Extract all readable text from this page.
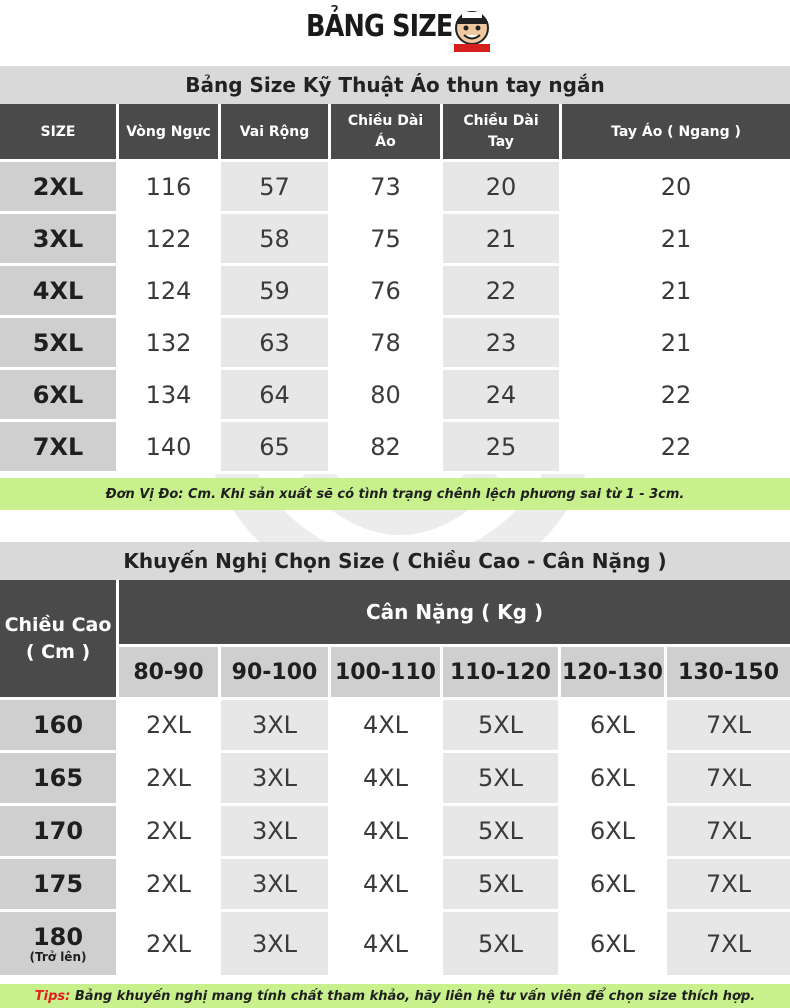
BẢNG SIZE
Bảng Size Kỹ Thuật Áo thun tay ngắn
SIZE	Vòng Ngực	Vai Rộng	Chiều Dài Áo	Chiều Dài Tay	Tay Áo ( Ngang )
2XL	116	57	73	20	20
3XL	122	58	75	21	21
4XL	124	59	76	22	21
5XL	132	63	78	23	21
6XL	134	64	80	24	22
7XL	140	65	82	25	22
Đơn Vị Đo: Cm. Khi sản xuất sẽ có tình trạng chênh lệch phương sai từ 1 - 3cm.
Khuyến Nghị Chọn Size ( Chiều Cao - Cân Nặng )
Chiều Cao ( Cm )	Cân Nặng ( Kg )					
	80-90	90-100	100-110	110-120	120-130	130-150

160	2XL	3XL	4XL	5XL	6XL	7XL

165	2XL	3XL	4XL	5XL	6XL	7XL

170	2XL	3XL	4XL	5XL	6XL	7XL

175	2XL	3XL	4XL	5XL	6XL	7XL

180
(Trở lên)	2XL	3XL	4XL	5XL	6XL	7XL
Tips: Bảng khuyến nghị mang tính chất tham khảo, hãy liên hệ tư vấn viên để chọn size thích hợp.
